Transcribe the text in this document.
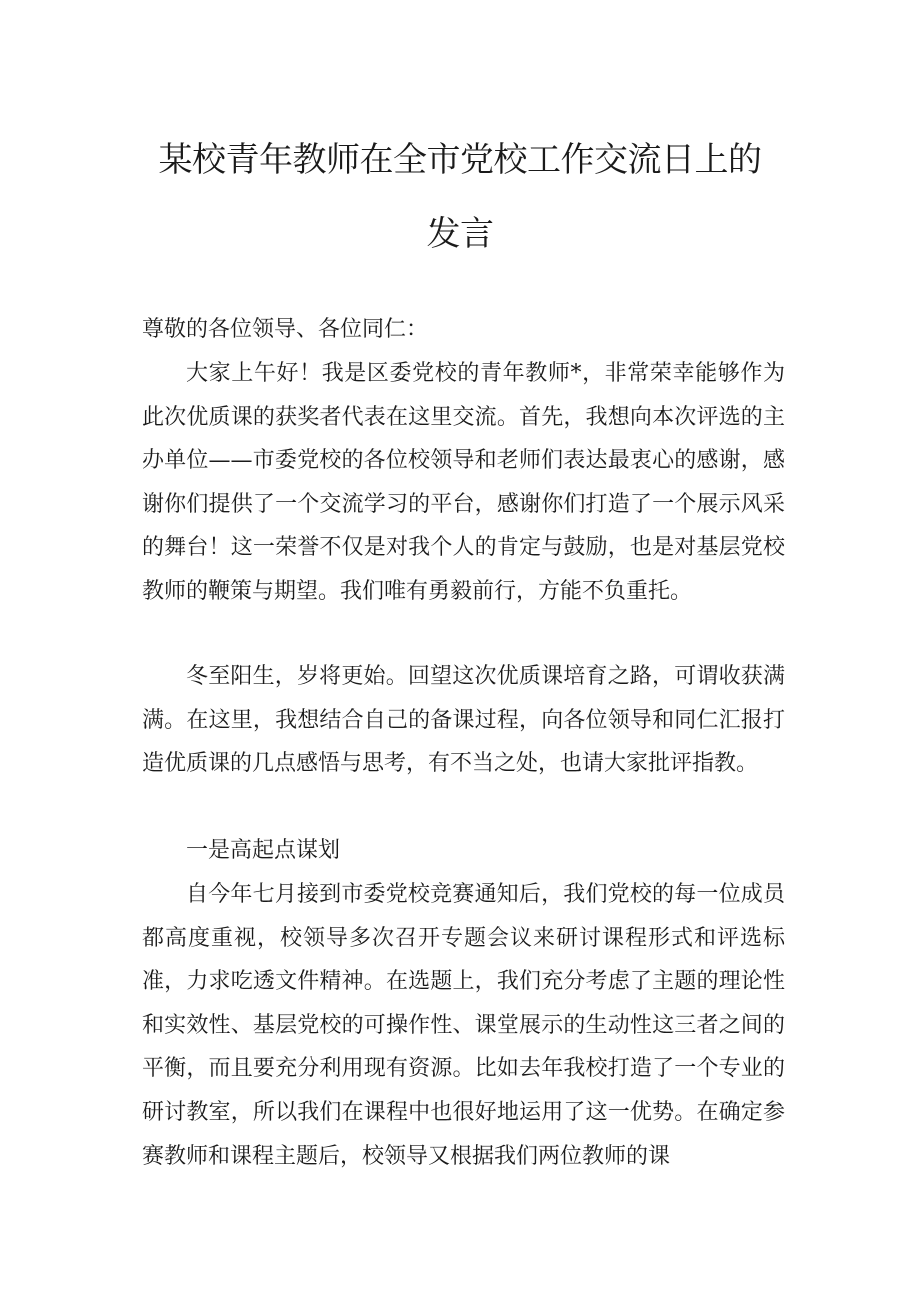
某校青年教师在全市党校工作交流日上的
发言

尊敬的各位领导、各位同仁：

大家上午好！我是区委党校的青年教师*，非常荣幸能够作为此次优质课的获奖者代表在这里交流。首先，我想向本次评选的主办单位——市委党校的各位校领导和老师们表达最衷心的感谢，感谢你们提供了一个交流学习的平台，感谢你们打造了一个展示风采的舞台！这一荣誉不仅是对我个人的肯定与鼓励，也是对基层党校教师的鞭策与期望。我们唯有勇毅前行，方能不负重托。

冬至阳生，岁将更始。回望这次优质课培育之路，可谓收获满满。在这里，我想结合自己的备课过程，向各位领导和同仁汇报打造优质课的几点感悟与思考，有不当之处，也请大家批评指教。

一是高起点谋划

自今年七月接到市委党校竞赛通知后，我们党校的每一位成员都高度重视，校领导多次召开专题会议来研讨课程形式和评选标准，力求吃透文件精神。在选题上，我们充分考虑了主题的理论性和实效性、基层党校的可操作性、课堂展示的生动性这三者之间的平衡，而且要充分利用现有资源。比如去年我校打造了一个专业的研讨教室，所以我们在课程中也很好地运用了这一优势。在确定参赛教师和课程主题后，校领导又根据我们两位教师的课
